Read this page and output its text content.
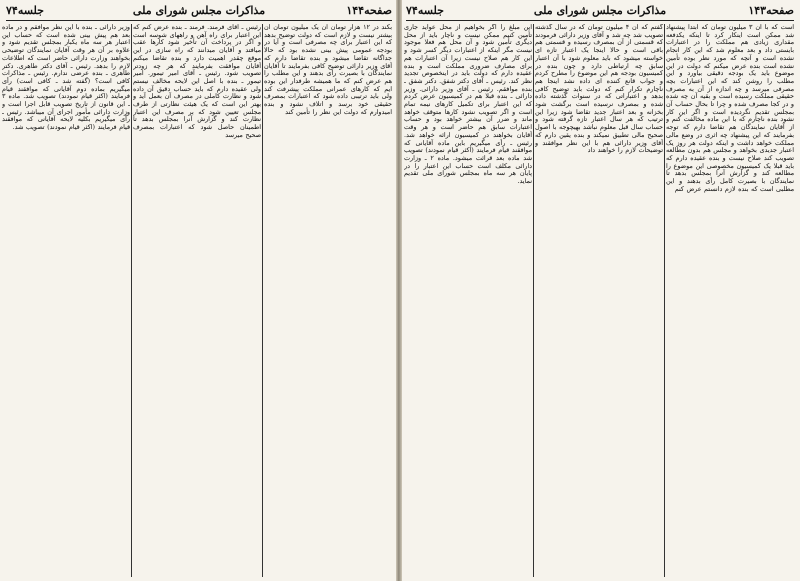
صفحه۱۴۳
مذاکرات مجلس شورای ملی
جلسه۷۴
است که با آن ۳ میلیون تومان که ابتدا پیشنهاد شد ممکن است اینکار کرد تا اینکه یکدفعه مقداری زیادی هم مملکت را در اعتبارات بایستی داد و بعد معلوم شد که این کار انجام نشده است و آنچه که مورد نظر بوده تأمین نشده است بنده عرض میکنم که دولت در این موضوع باید یک بودجه دقیقی بیاورد و این مطلب را روشن کند که این اعتبارات بچه مصرفی میرسد و چه اندازه از آن به مصرف حقیقی مملکت رسیده است و بقیه آن چه شده و در کجا مصرف شده و چرا تا بحال حساب آن بمجلس تقدیم نگردیده است و اگر این کار نشود بنده ناچارم که با این ماده مخالفت کنم و از آقایان نمایندگان هم تقاضا دارم که توجه بفرمایند که این پیشنهاد چه اثری در وضع مالی مملکت خواهد داشت و اینکه دولت هر روز یک اعتبار جدیدی بخواهد و مجلس هم بدون مطالعه تصویب کند صلاح نیست و بنده عقیده دارم که باید قبلا یک کمیسیون مخصوصی این موضوع را مطالعه کند و گزارش آنرا بمجلس بدهد تا نمایندگان با بصیرت کامل رأی بدهند و این مطلبی است که بنده لازم دانستم عرض کنم
گفتم که آن ۴ میلیون تومان که در سال گذشته تصویب شد چه شد و آقای وزیر دارائی فرمودند که قسمتی از آن بمصرف رسیده و قسمتی هم باقی است و حالا اینجا یک اعتبار تازه ای خواسته میشود که باید معلوم شود با آن اعتبار سابق چه ارتباطی دارد و چون بنده در کمیسیون بودجه هم این موضوع را مطرح کردم و جواب قانع کننده ای داده نشد اینجا هم ناچارم تکرار کنم که دولت باید توضیح کافی بدهد و اعتباراتی که در سنوات گذشته داده شده و بمصرف نرسیده است برگشت شود بخزانه و بعد اعتبار جدید تقاضا شود زیرا این ترتیب که هر سال اعتبار تازه گرفته شود و حساب سال قبل معلوم نباشد بهیچوجه با اصول صحیح مالی تطبیق نمیکند و بنده یقین دارم که آقای وزیر دارائی هم با این نظر موافقند و توضیحات لازم را خواهند داد
این مبلغ را اگر بخواهیم از محل عواید جاری تأمین کنیم ممکن نیست و ناچار باید از محل دیگری تأمین شود و آن محل هم فعلا موجود نیست مگر اینکه از اعتبارات دیگر کسر شود و این کار هم صلاح نیست زیرا آن اعتبارات هم برای مصارف ضروری مملکت است و بنده عقیده دارم که دولت باید در اینخصوص تجدید نظر کند. رئیس ـ آقای دکتر شفق. دکتر شفق ـ بنده موافقم. رئیس ـ آقای وزیر دارائی. وزیر دارائی ـ بنده قبلا هم در کمیسیون عرض کردم که این اعتبار برای تکمیل کارهای نیمه تمام است و اگر تصویب نشود کارها متوقف خواهد ماند و ضرر آن بیشتر خواهد بود و حساب اعتبارات سابق هم حاضر است و هر وقت آقایان بخواهند در کمیسیون ارائه خواهد شد. رئیس ـ رأی میگیریم باین ماده آقایانی که موافقند قیام فرمایند (اکثر قیام نمودند) تصویب شد ماده بعد قرائت میشود. ماده ۲ ـ وزارت دارائی مکلف است حساب این اعتبار را در پایان هر سه ماه بمجلس شورای ملی تقدیم نماید.
صفحه۱۴۴
مذاکرات مجلس شورای ملی
جلسه۷۴
بکند در ۱۲ هزار تومان آن یک میلیون تومان آن بیشتر نیست و لازم است که دولت توضیح بدهد که این اعتبار برای چه مصرفی است و آیا در بودجه عمومی پیش بینی نشده بود که حالا جداگانه تقاضا میشود و بنده تقاضا دارم که آقای وزیر دارائی توضیح کافی بفرمایند تا آقایان نمایندگان با بصیرت رأی بدهند و این مطلب را هم عرض کنم که ما همیشه طرفدار این بوده ایم که کارهای عمرانی مملکت پیشرفت کند ولی باید ترتیبی داده شود که اعتبارات بمصرف حقیقی خود برسد و اتلاف نشود و بنده امیدوارم که دولت این نظر را تأمین کند
رئیس ـ آقای فرمند. فرمند ـ بنده عرض کنم که این اعتبار برای راه آهن و راههای شوسه است و اگر در پرداخت آن تأخیر شود کارها عقب میافتد و آقایان میدانند که راه سازی در این موقع چقدر اهمیت دارد و بنده تقاضا میکنم آقایان موافقت بفرمایند که هر چه زودتر تصویب شود. رئیس ـ آقای امیر تیمور. امیر تیمور ـ بنده با اصل این لایحه مخالف نیستم ولی عقیده دارم که باید حساب دقیق آن داده شود و نظارت کاملی در مصرف آن بعمل آید و بهتر این است که یک هیئت نظارتی از طرف مجلس تعیین شود که بر مصرف این اعتبار نظارت کند و گزارش آنرا بمجلس بدهد تا اطمینان حاصل شود که اعتبارات بمصرف صحیح میرسد
وزیر دارائی ـ بنده با این نظر موافقم و در ماده بعد هم پیش بینی شده است که حساب این اعتبار هر سه ماه یکبار بمجلس تقدیم شود و علاوه بر آن هر وقت آقایان نمایندگان توضیحی بخواهند وزارت دارائی حاضر است که اطلاعات لازم را بدهد. رئیس ـ آقای دکتر طاهری. دکتر طاهری ـ بنده عرضی ندارم. رئیس ـ مذاکرات کافی است؟ (گفته شد ـ کافی است) رأی میگیریم بماده دوم آقایانی که موافقند قیام فرمایند (اکثر قیام نمودند) تصویب شد. ماده ۳ ـ این قانون از تاریخ تصویب قابل اجرا است و وزارت دارائی مأمور اجرای آن میباشد. رئیس ـ رأی میگیریم بکلیه لایحه آقایانی که موافقند قیام فرمایند (اکثر قیام نمودند) تصویب شد.
